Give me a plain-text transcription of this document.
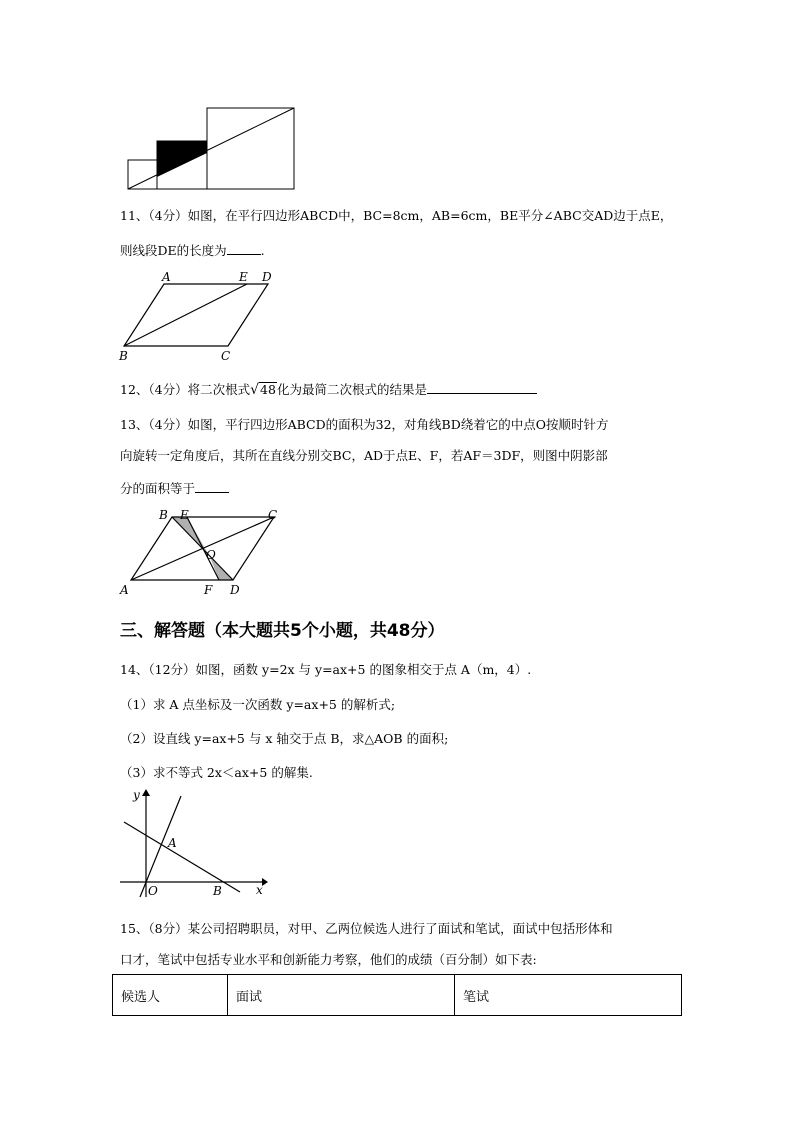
11、（4分）如图，在平行四边形ABCD中，BC=8cm，AB=6cm，BE平分∠ABC交AD边于点E，
则线段DE的长度为	.
A	E D
B	C
12、（4分）将二次根式√48化为最简二次根式的结果是
13、（4分）如图，平行四边形ABCD的面积为32，对角线BD绕着它的中点O按顺时针方
向旋转一定角度后，其所在直线分别交BC，AD于点E、F，若AF＝3DF，则图中阴影部
分的面积等于
B E	C
O
A	F D
三、解答题（本大题共5个小题，共48分）
14、（12分）如图，函数 y=2x 与 y=ax+5 的图象相交于点 A（m，4）.
（1）求 A 点坐标及一次函数 y=ax+5 的解析式;
（2）设直线 y=ax+5 与 x 轴交于点 B，求△AOB 的面积;
（3）求不等式 2x＜ax+5 的解集.
y
A
O	B	x
15、（8分）某公司招聘职员，对甲、乙两位候选人进行了面试和笔试，面试中包括形体和
口才，笔试中包括专业水平和创新能力考察，他们的成绩（百分制）如下表:
候选人	面试	笔试
